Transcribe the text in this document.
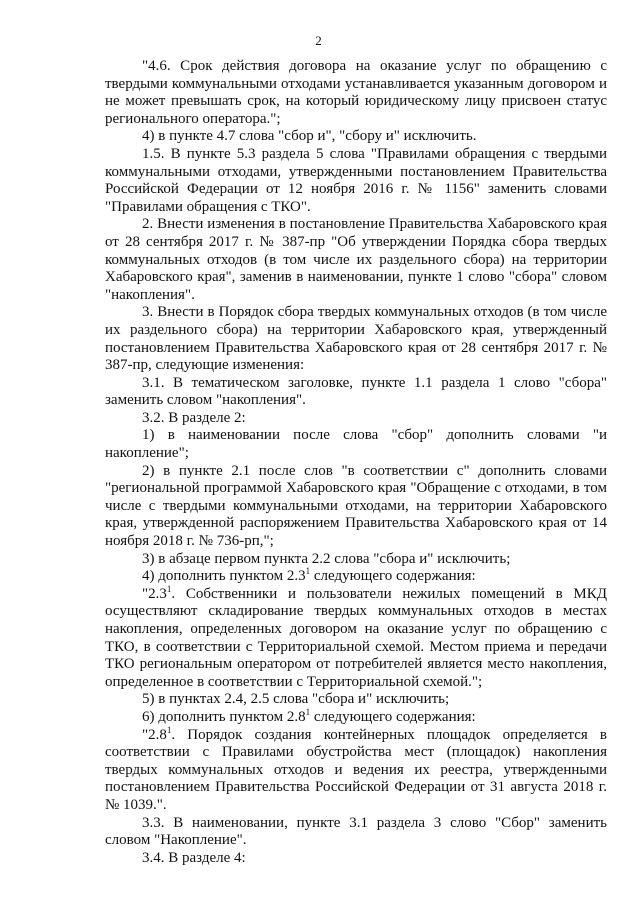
2

"4.6. Срок действия договора на оказание услуг по обращению с твердыми коммунальными отходами устанавливается указанным договором и не может превышать срок, на который юридическому лицу присвоен статус регионального оператора.";

4) в пункте 4.7 слова "сбор и", "сбору и" исключить.

1.5. В пункте 5.3 раздела 5 слова "Правилами обращения с твердыми коммунальными отходами, утвержденными постановлением Правительства Российской Федерации от 12 ноября 2016 г. № 1156" заменить словами "Правилами обращения с ТКО".

2. Внести изменения в постановление Правительства Хабаровского края от 28 сентября 2017 г. № 387-пр "Об утверждении Порядка сбора твердых коммунальных отходов (в том числе их раздельного сбора) на территории Хабаровского края", заменив в наименовании, пункте 1 слово "сбора" словом "накопления".

3. Внести в Порядок сбора твердых коммунальных отходов (в том числе их раздельного сбора) на территории Хабаровского края, утвержденный постановлением Правительства Хабаровского края от 28 сентября 2017 г. № 387-пр, следующие изменения:

3.1. В тематическом заголовке, пункте 1.1 раздела 1 слово "сбора" заменить словом "накопления".

3.2. В разделе 2:

1) в наименовании после слова "сбор" дополнить словами "и накопление";

2) в пункте 2.1 после слов "в соответствии с" дополнить словами "региональной программой Хабаровского края "Обращение с отходами, в том числе с твердыми коммунальными отходами, на территории Хабаровского края, утвержденной распоряжением Правительства Хабаровского края от 14 ноября 2018 г. № 736-рп,";

3) в абзаце первом пункта 2.2 слова "сбора и" исключить;

4) дополнить пунктом $2.3^1$ следующего содержания:

"$2.3^1$. Собственники и пользователи нежилых помещений в МКД осуществляют складирование твердых коммунальных отходов в местах накопления, определенных договором на оказание услуг по обращению с ТКО, в соответствии с Территориальной схемой. Местом приема и передачи ТКО региональным оператором от потребителей является место накопления, определенное в соответствии с Территориальной схемой.";

5) в пунктах 2.4, 2.5 слова "сбора и" исключить;

6) дополнить пунктом $2.8^1$ следующего содержания:

"$2.8^1$. Порядок создания контейнерных площадок определяется в соответствии с Правилами обустройства мест (площадок) накопления твердых коммунальных отходов и ведения их реестра, утвержденными постановлением Правительства Российской Федерации от 31 августа 2018 г. № 1039.".

3.3. В наименовании, пункте 3.1 раздела 3 слово "Сбор" заменить словом "Накопление".

3.4. В разделе 4:
